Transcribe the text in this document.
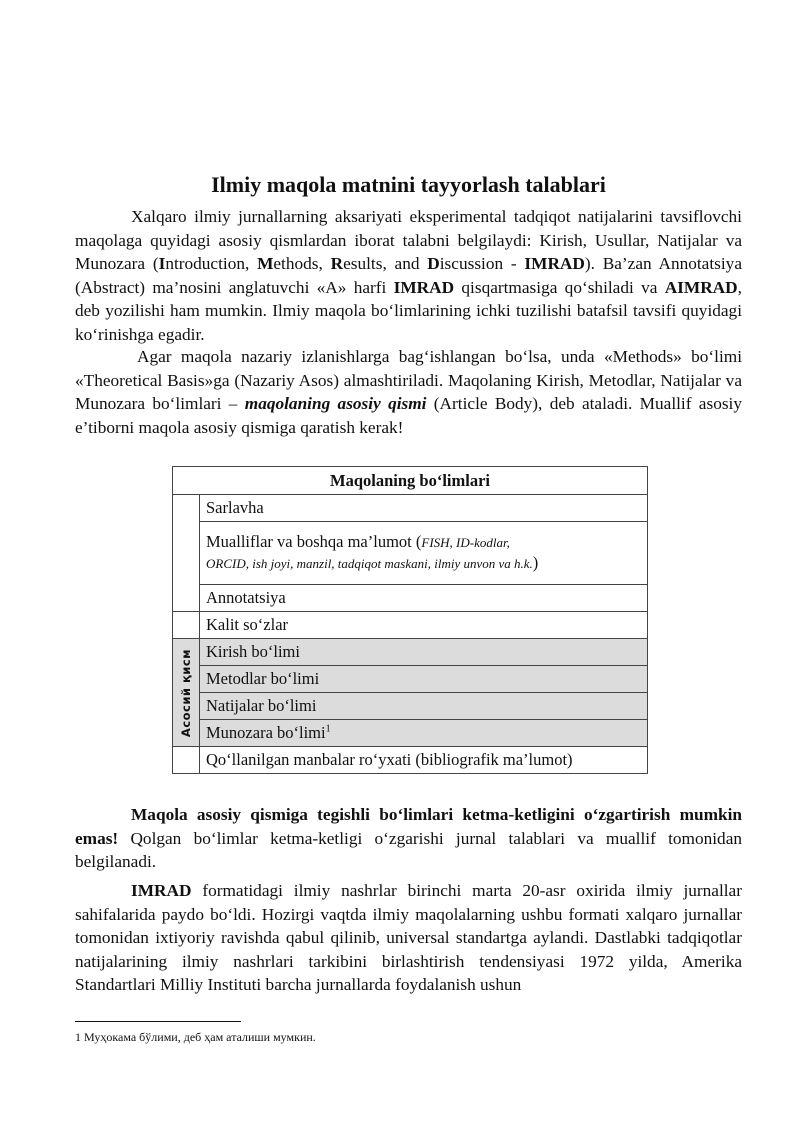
Ilmiy maqola matnini tayyorlash talablari
Xalqaro ilmiy jurnallarning aksariyati eksperimental tadqiqot natijalarini tavsiflovchi maqolaga quyidagi asosiy qismlardan iborat talabni belgilaydi: Kirish, Usullar, Natijalar va Munozara (Introduction, Methods, Results, and Discussion - IMRAD). Ba’zan Annotatsiya (Abstract) ma’nosini anglatuvchi «A» harfi IMRAD qisqartmasiga qo‘shiladi va AIMRAD, deb yozilishi ham mumkin. Ilmiy maqola bo‘limlarining ichki tuzilishi batafsil tavsifi quyidagi ko‘rinishga egadir.
Agar maqola nazariy izlanishlarga bag‘ishlangan bo‘lsa, unda «Methods» bo‘limi «Theoretical Basis»ga (Nazariy Asos) almashtiriladi. Maqolaning Kirish, Metodlar, Natijalar va Munozara bo‘limlari – maqolaning asosiy qismi (Article Body), deb ataladi. Muallif asosiy e’tiborni maqola asosiy qismiga qaratish kerak!
Maqolaning bo‘limlari	
	Sarlavha
	Mualliflar va boshqa ma’lumot (FISH, ID-kodlar,
ORCID, ish joyi, manzil, tadqiqot maskani, ilmiy unvon va h.k.)
	Annotatsiya
	Kalit so‘zlar

Асосий қисм	Kirish bo‘limi
	Metodlar bo‘limi
	Natijalar bo‘limi
	Munozara bo‘limi$^1$
	Qo‘llanilgan manbalar ro‘yxati (bibliografik ma’lumot)
Maqola asosiy qismiga tegishli bo‘limlari ketma-ketligini o‘zgartirish mumkin emas! Qolgan bo‘limlar ketma-ketligi o‘zgarishi jurnal talablari va muallif tomonidan belgilanadi.
IMRAD formatidagi ilmiy nashrlar birinchi marta 20-asr oxirida ilmiy jurnallar sahifalarida paydo bo‘ldi. Hozirgi vaqtda ilmiy maqolalarning ushbu formati xalqaro jurnallar tomonidan ixtiyoriy ravishda qabul qilinib, universal standartga aylandi. Dastlabki tadqiqotlar natijalarining ilmiy nashrlari tarkibini birlashtirish tendensiyasi 1972 yilda, Amerika Standartlari Milliy Instituti barcha jurnallarda foydalanish ushun
1 Муҳокама бўлими, деб ҳам аталиши мумкин.
